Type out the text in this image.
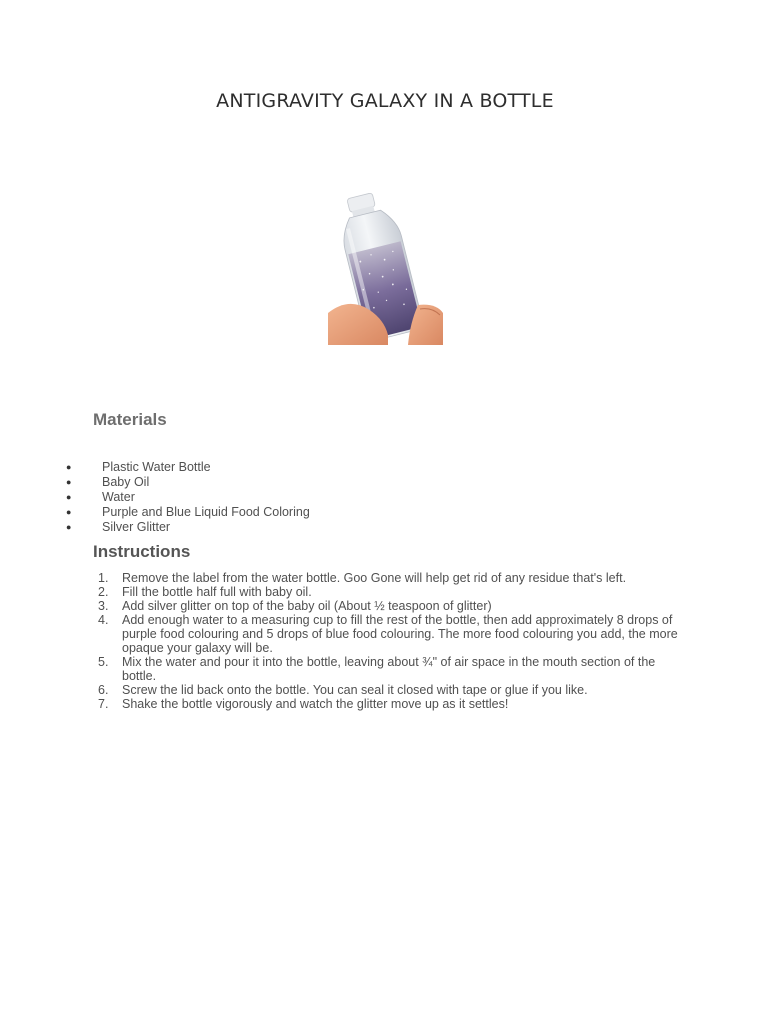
ANTIGRAVITY GALAXY IN A BOTTLE
Materials
● Plastic Water Bottle
● Baby Oil
● Water
● Purple and Blue Liquid Food Coloring
● Silver Glitter
Instructions
1. Remove the label from the water bottle. Goo Gone will help get rid of any residue that's left.
2. Fill the bottle half full with baby oil.
3. Add silver glitter on top of the baby oil (About ½ teaspoon of glitter)
4. Add enough water to a measuring cup to fill the rest of the bottle, then add approximately 8 drops of purple food colouring and 5 drops of blue food colouring. The more food colouring you add, the more opaque your galaxy will be.
5. Mix the water and pour it into the bottle, leaving about ¾" of air space in the mouth section of the bottle.
6. Screw the lid back onto the bottle. You can seal it closed with tape or glue if you like.
7. Shake the bottle vigorously and watch the glitter move up as it settles!
